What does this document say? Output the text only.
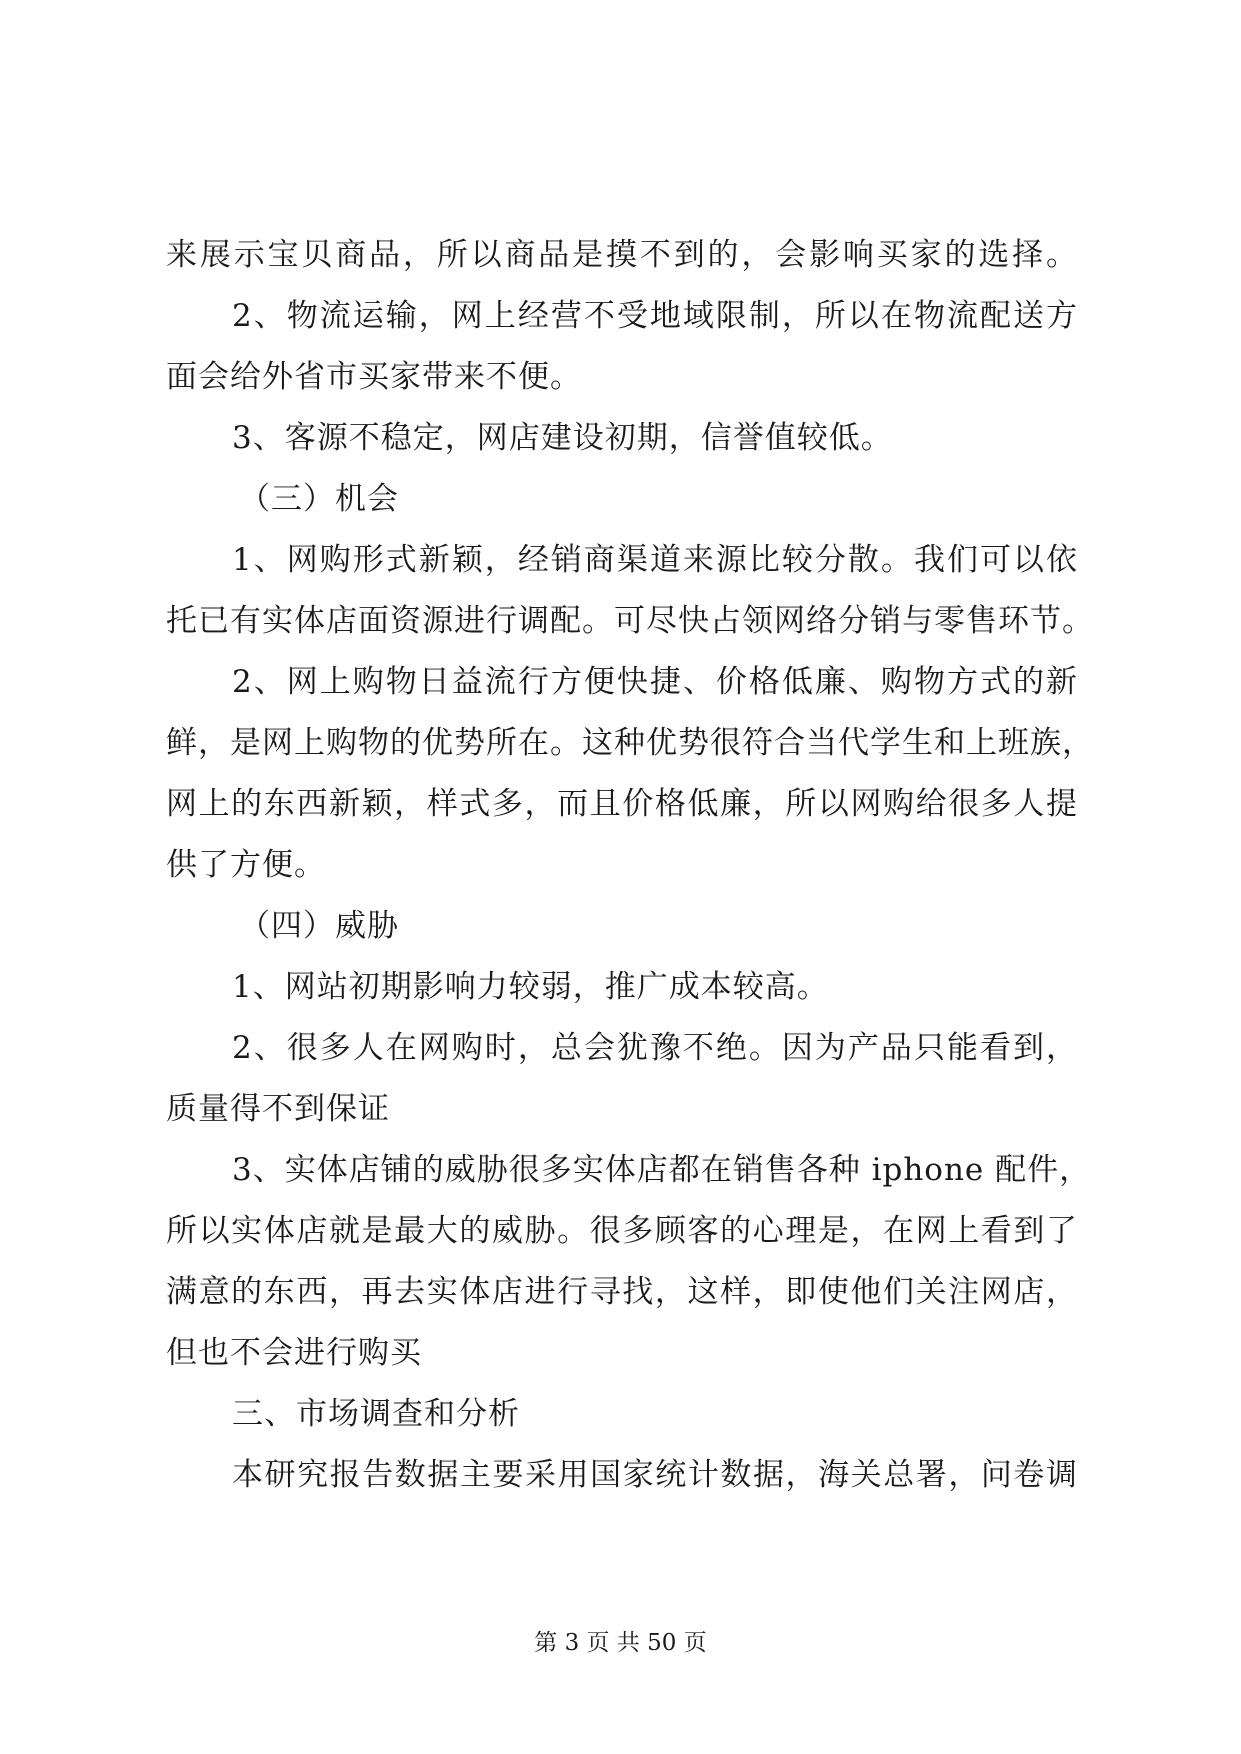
来展示宝贝商品，所以商品是摸不到的，会影响买家的选择。
2、物流运输，网上经营不受地域限制，所以在物流配送方
面会给外省市买家带来不便。
3、客源不稳定，网店建设初期，信誉值较低。
（三）机会
1、网购形式新颖，经销商渠道来源比较分散。我们可以依
托已有实体店面资源进行调配。可尽快占领网络分销与零售环节。
2、网上购物日益流行方便快捷、价格低廉、购物方式的新
鲜，是网上购物的优势所在。这种优势很符合当代学生和上班族，
网上的东西新颖，样式多，而且价格低廉，所以网购给很多人提
供了方便。
（四）威胁
1、网站初期影响力较弱，推广成本较高。
2、很多人在网购时，总会犹豫不绝。因为产品只能看到，
质量得不到保证
3、实体店铺的威胁很多实体店都在销售各种 iphone 配件，
所以实体店就是最大的威胁。很多顾客的心理是，在网上看到了
满意的东西，再去实体店进行寻找，这样，即使他们关注网店，
但也不会进行购买
三、市场调查和分析
本研究报告数据主要采用国家统计数据，海关总署，问卷调
第 3 页 共 50 页
